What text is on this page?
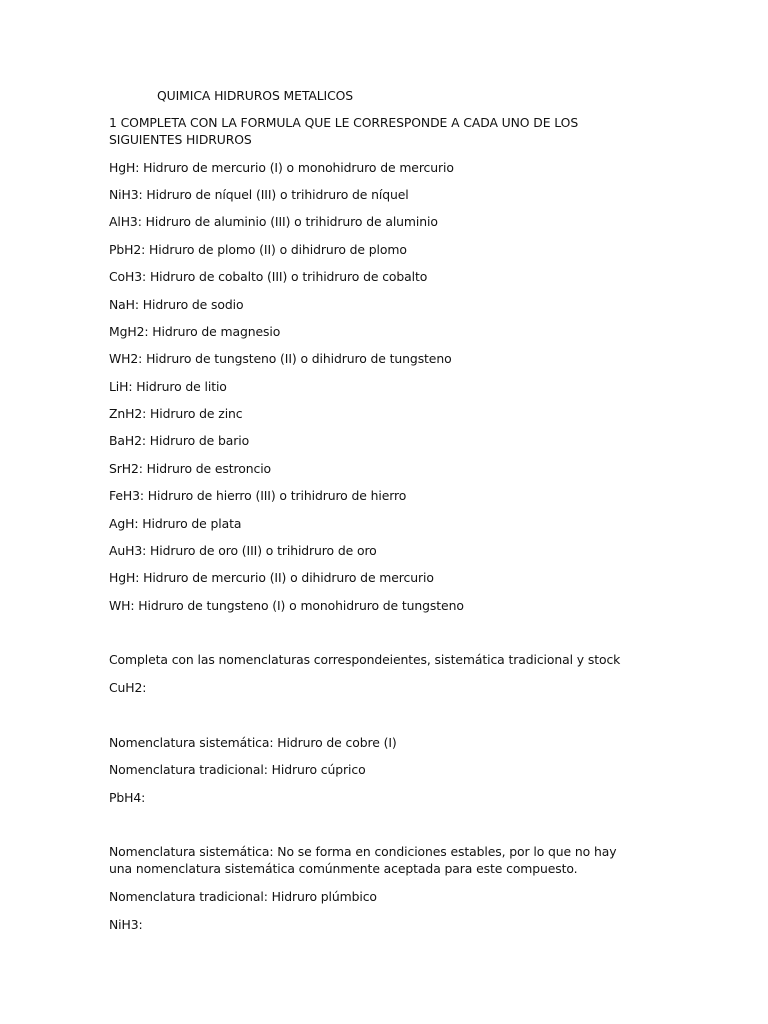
QUIMICA HIDRUROS METALICOS
1 COMPLETA CON LA FORMULA QUE LE CORRESPONDE A CADA UNO DE LOS SIGUIENTES HIDRUROS
HgH: Hidruro de mercurio (I) o monohidruro de mercurio
NiH3: Hidruro de níquel (III) o trihidruro de níquel
AlH3: Hidruro de aluminio (III) o trihidruro de aluminio
PbH2: Hidruro de plomo (II) o dihidruro de plomo
CoH3: Hidruro de cobalto (III) o trihidruro de cobalto
NaH: Hidruro de sodio
MgH2: Hidruro de magnesio
WH2: Hidruro de tungsteno (II) o dihidruro de tungsteno
LiH: Hidruro de litio
ZnH2: Hidruro de zinc
BaH2: Hidruro de bario
SrH2: Hidruro de estroncio
FeH3: Hidruro de hierro (III) o trihidruro de hierro
AgH: Hidruro de plata
AuH3: Hidruro de oro (III) o trihidruro de oro
HgH: Hidruro de mercurio (II) o dihidruro de mercurio
WH: Hidruro de tungsteno (I) o monohidruro de tungsteno
Completa con las nomenclaturas correspondeientes, sistemática tradicional y stock
CuH2:
Nomenclatura sistemática: Hidruro de cobre (I)
Nomenclatura tradicional: Hidruro cúprico
PbH4:
Nomenclatura sistemática: No se forma en condiciones estables, por lo que no hay una nomenclatura sistemática comúnmente aceptada para este compuesto.
Nomenclatura tradicional: Hidruro plúmbico
NiH3:
